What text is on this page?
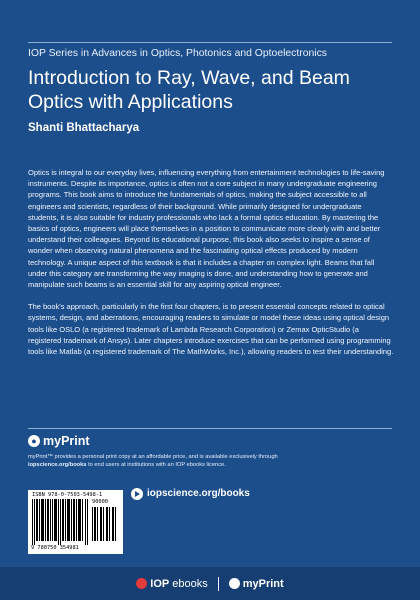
IOP Series in Advances in Optics, Photonics and Optoelectronics
Introduction to Ray, Wave, and Beam
Optics with Applications
Shanti Bhattacharya

Optics is integral to our everyday lives, influencing everything from entertainment technologies to life-saving instruments. Despite its importance, optics is often not a core subject in many undergraduate engineering programs. This book aims to introduce the fundamentals of optics, making the subject accessible to all engineers and scientists, regardless of their background. While primarily designed for undergraduate students, it is also suitable for industry professionals who lack a formal optics education. By mastering the basics of optics, engineers will place themselves in a position to communicate more clearly with and better understand their colleagues. Beyond its educational purpose, this book also seeks to inspire a sense of wonder when observing natural phenomena and the fascinating optical effects produced by modern technology. A unique aspect of this textbook is that it includes a chapter on complex light. Beams that fall under this category are transforming the way imaging is done, and understanding how to generate and manipulate such beams is an essential skill for any aspiring optical engineer.

The book's approach, particularly in the first four chapters, is to present essential concepts related to optical systems, design, and aberrations, encouraging readers to simulate or model these ideas using optical design tools like OSLO (a registered trademark of Lambda Research Corporation) or Zemax OpticStudio (a registered trademark of Ansys). Later chapters introduce exercises that can be performed using programming tools like Matlab (a registered trademark of The MathWorks, Inc.), allowing readers to test their understanding.

● myPrint
myPrint™ provides a personal print copy at an affordable price, and is available exclusively through
iopscience.org/books to end users at institutions with an IOP ebooks licence.
ISBN 978-0-7503-5498-1
90000
9 780750 354981
iopscience.org/books
IOP ebooks	myPrint
